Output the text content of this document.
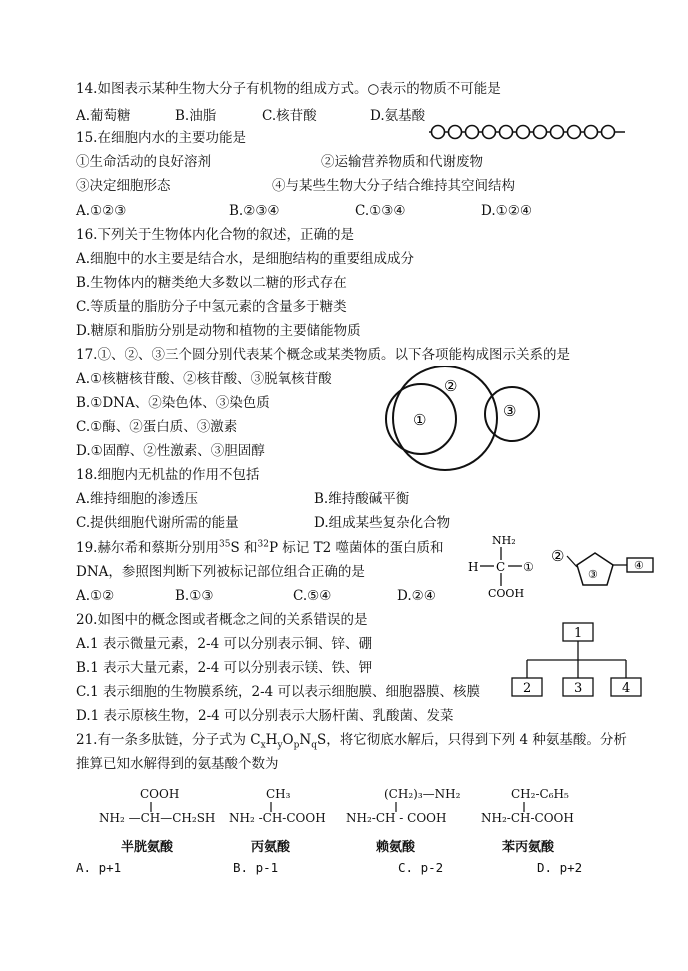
14.如图表示某种生物大分子有机物的组成方式。○表示的物质不可能是
A.葡萄糖	B.油脂	C.核苷酸	D.氨基酸
15.在细胞内水的主要功能是
①生命活动的良好溶剂	②运输营养物质和代谢废物
③决定细胞形态	④与某些生物大分子结合维持其空间结构
A.①②③	B.②③④	C.①③④	D.①②④
16.下列关于生物体内化合物的叙述，正确的是
A.细胞中的水主要是结合水，是细胞结构的重要组成成分
B.生物体内的糖类绝大多数以二糖的形式存在
C.等质量的脂肪分子中氢元素的含量多于糖类
D.糖原和脂肪分别是动物和植物的主要储能物质
17.①、②、③三个圆分别代表某个概念或某类物质。以下各项能构成图示关系的是
A.①核糖核苷酸、②核苷酸、③脱氧核苷酸
B.①DNA、②染色体、③染色质
C.①酶、②蛋白质、③激素
D.①固醇、②性激素、③胆固醇
①
②
③
18.细胞内无机盐的作用不包括
A.维持细胞的渗透压	B.维持酸碱平衡
C.提供细胞代谢所需的能量	D.组成某些复杂化合物
19.赫尔希和蔡斯分别用$^{35}$S 和$^{32}$P 标记 T2 噬菌体的蛋白质和
DNA，参照图判断下列被标记部位组合正确的是
A.①②	B.①③	C.⑤④	D.②④
NH₂
H C ①
COOH
②
③
④
20.如图中的概念图或者概念之间的关系错误的是
A.1 表示微量元素，2-4 可以分别表示铜、锌、硼
B.1 表示大量元素，2-4 可以分别表示镁、铁、钾
C.1 表示细胞的生物膜系统，2-4 可以表示细胞膜、细胞器膜、核膜
D.1 表示原核生物，2-4 可以分别表示大肠杆菌、乳酸菌、发菜
1
2	3	4
21.有一条多肽链，分子式为 $C_xH_yO_pN_qS$，将它彻底水解后，只得到下列 4 种氨基酸。分析
推算已知水解得到的氨基酸个数为
COOH
NH₂ —CH—CH₂SH
半胱氨酸
CH₃
NH₂ -CH-COOH
丙氨酸
(CH₂)₃—NH₂
NH₂-CH - COOH
赖氨酸
CH₂-C₆H₅
NH₂-CH-COOH
苯丙氨酸
A. p+1	B. p-1	C. p-2	D. p+2
